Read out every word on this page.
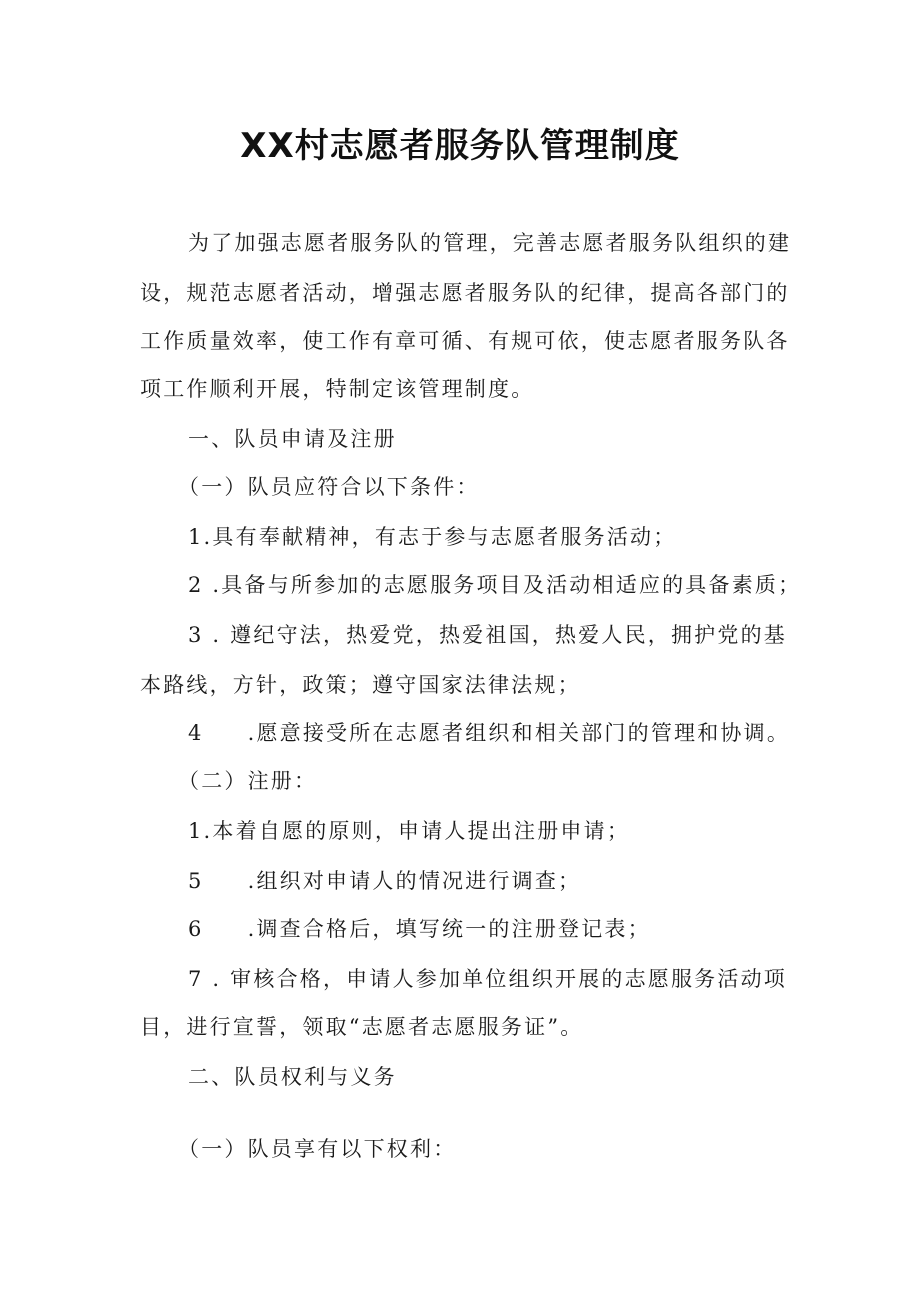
XX村志愿者服务队管理制度

为了加强志愿者服务队的管理，完善志愿者服务队组织的建

设，规范志愿者活动，增强志愿者服务队的纪律，提高各部门的

工作质量效率，使工作有章可循、有规可依，使志愿者服务队各

项工作顺利开展，特制定该管理制度。

一、队员申请及注册

（一）队员应符合以下条件：

1.具有奉献精神，有志于参与志愿者服务活动；

2 .具备与所参加的志愿服务项目及活动相适应的具备素质；

3 . 遵纪守法，热爱党，热爱祖国，热爱人民，拥护党的基

本路线，方针，政策；遵守国家法律法规；

4 .愿意接受所在志愿者组织和相关部门的管理和协调。

（二）注册：

1.本着自愿的原则，申请人提出注册申请；

5 .组织对申请人的情况进行调查；

6 .调查合格后，填写统一的注册登记表；

7 . 审核合格，申请人参加单位组织开展的志愿服务活动项

目，进行宣誓，领取“志愿者志愿服务证”。

二、队员权利与义务

（一）队员享有以下权利：
